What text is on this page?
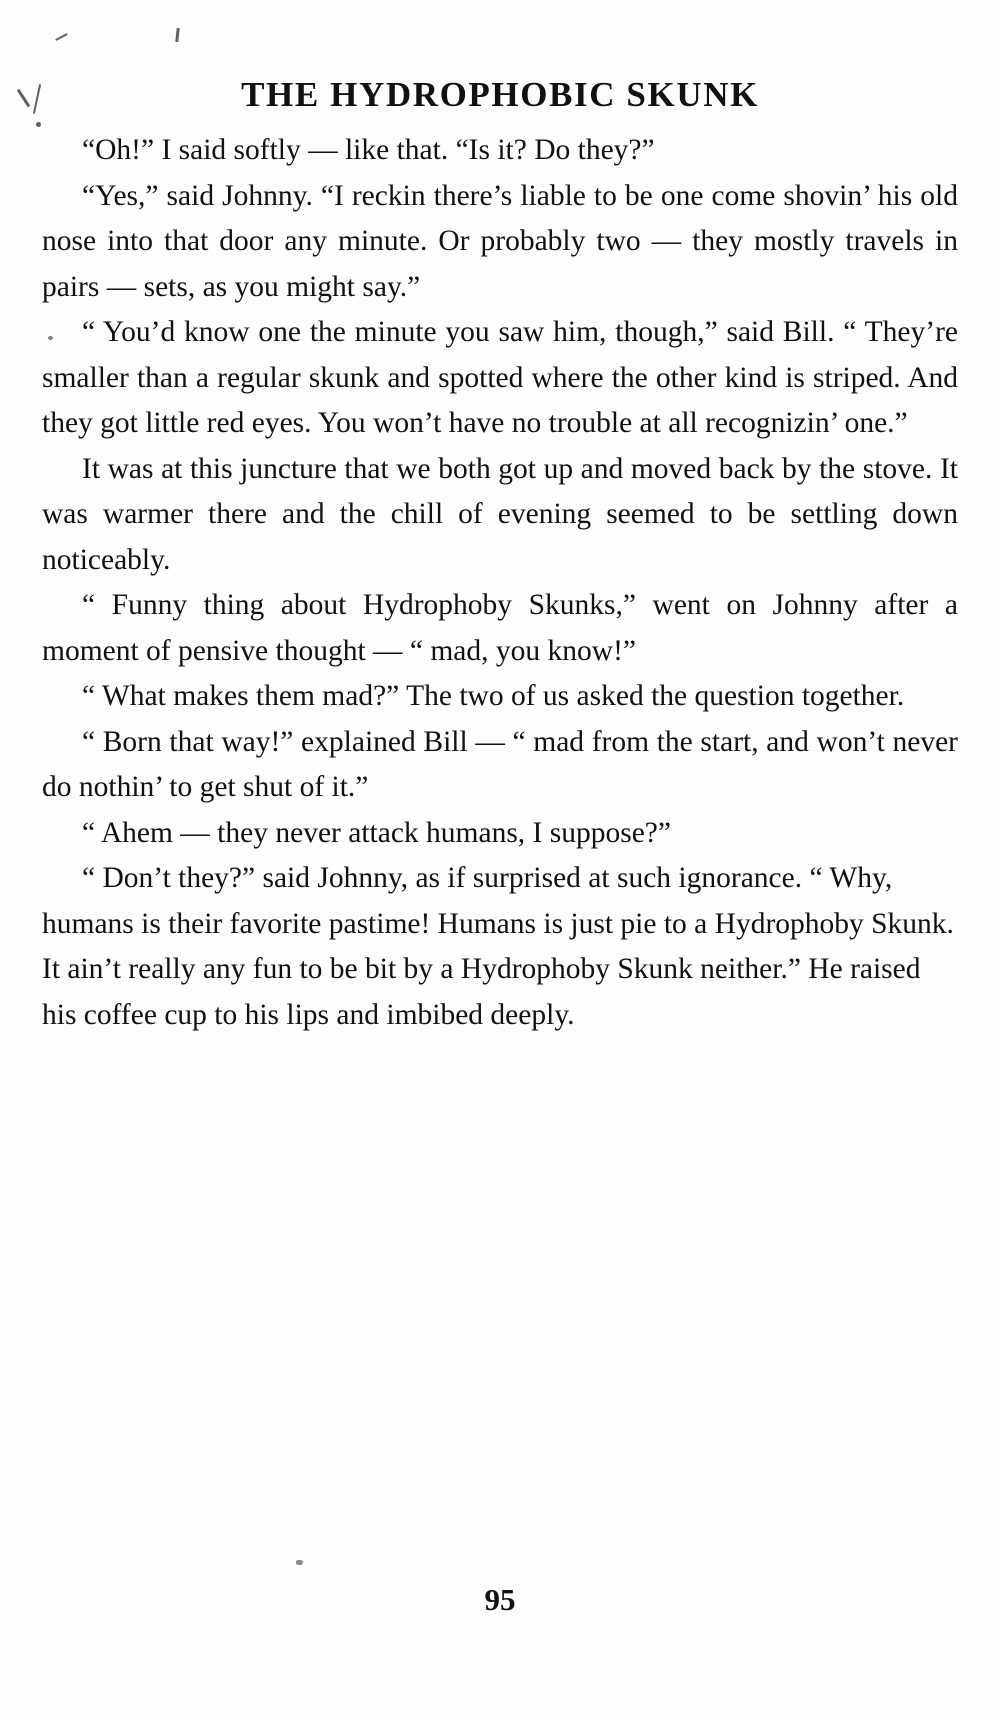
THE HYDROPHOBIC SKUNK

“Oh!” I said softly — like that. “Is it? Do they?”

“Yes,” said Johnny. “I reckin there’s liable to be one come shovin’ his old nose into that door any minute. Or probably two — they mostly travels in pairs — sets, as you might say.”

“ You’d know one the minute you saw him, though,” said Bill. “ They’re smaller than a regular skunk and spotted where the other kind is striped. And they got little red eyes. You won’t have no trouble at all recognizin’ one.”

It was at this juncture that we both got up and moved back by the stove. It was warmer there and the chill of evening seemed to be settling down noticeably.

“ Funny thing about Hydrophoby Skunks,” went on Johnny after a moment of pensive thought — “ mad, you know!”

“ What makes them mad?” The two of us asked the question together.

“ Born that way!” explained Bill — “ mad from the start, and won’t never do nothin’ to get shut of it.”

“ Ahem — they never attack humans, I suppose?”

“ Don’t they?” said Johnny, as if surprised at such ignorance. “ Why, humans is their favorite pastime! Humans is just pie to a Hydrophoby Skunk. It ain’t really any fun to be bit by a Hydrophoby Skunk neither.” He raised his coffee cup to his lips and imbibed deeply.

95
